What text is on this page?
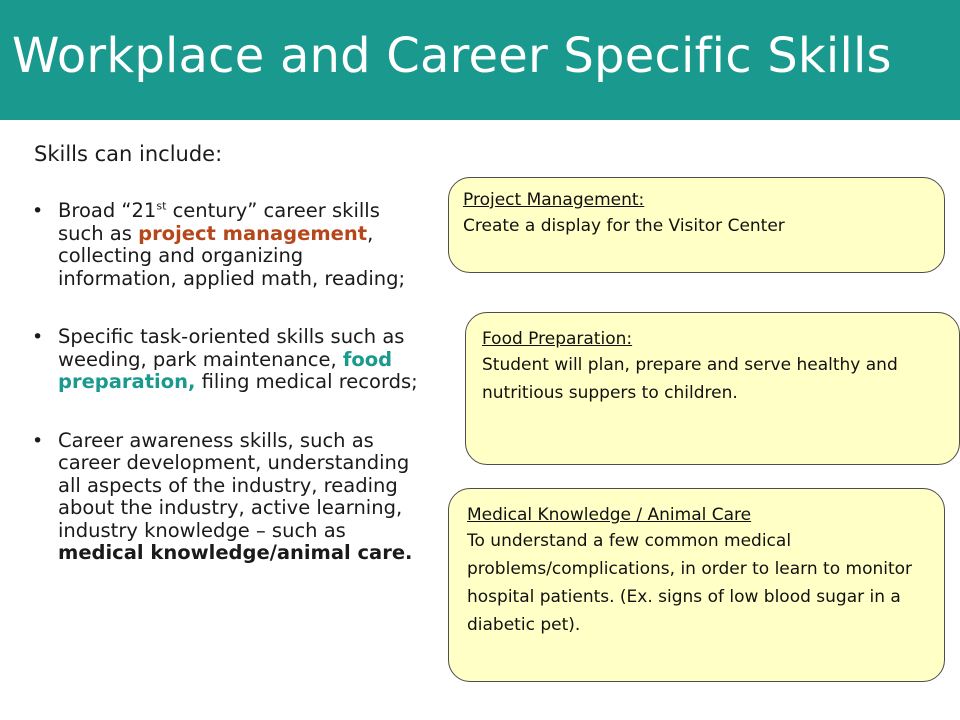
Workplace and Career Specific Skills
Skills can include:
• Broad “21st century” career skills such as project management, collecting and organizing information, applied math, reading;
• Specific task-oriented skills such as weeding, park maintenance, food preparation, filing medical records;
• Career awareness skills, such as career development, understanding all aspects of the industry, reading about the industry, active learning, industry knowledge – such as medical knowledge/animal care.
Project Management:
Create a display for the Visitor Center
Food Preparation:
Student will plan, prepare and serve healthy and nutritious suppers to children.
Medical Knowledge / Animal Care
To understand a few common medical problems/complications, in order to learn to monitor hospital patients. (Ex. signs of low blood sugar in a diabetic pet).
